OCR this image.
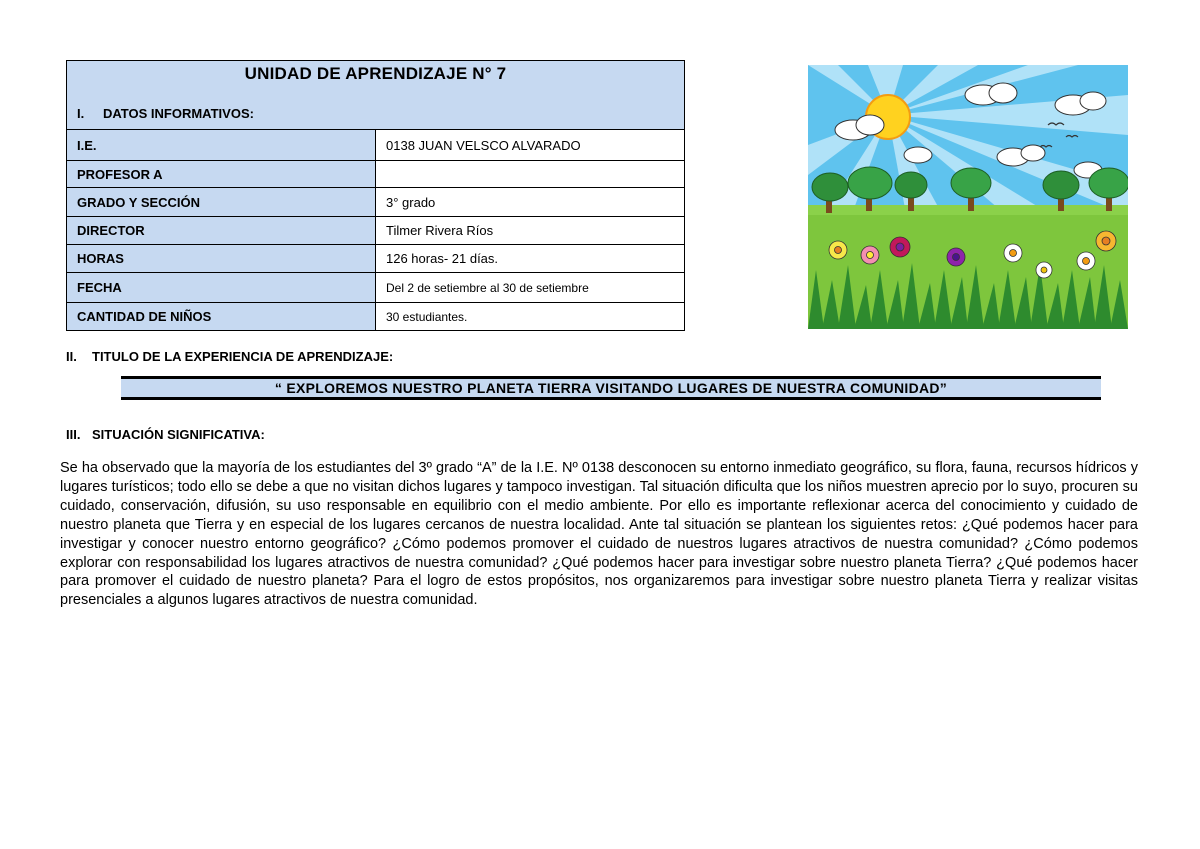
UNIDAD DE APRENDIZAJE N° 7
I. DATOS INFORMATIVOS:	

I.E.	0138 JUAN VELSCO ALVARADO
PROFESOR A	
GRADO Y SECCIÓN	3° grado
DIRECTOR	Tilmer Rivera Ríos
HORAS	126 horas- 21 días.
FECHA	Del 2 de setiembre al 30 de setiembre
CANTIDAD DE NIÑOS	30 estudiantes.
II. TITULO DE LA EXPERIENCIA DE APRENDIZAJE:
“ EXPLOREMOS NUESTRO PLANETA TIERRA VISITANDO LUGARES DE NUESTRA COMUNIDAD”
III. SITUACIÓN SIGNIFICATIVA:

Se ha observado que la mayoría de los estudiantes del 3º grado “A” de la I.E. Nº 0138 desconocen su entorno inmediato geográfico, su flora, fauna, recursos hídricos y lugares turísticos; todo ello se debe a que no visitan dichos lugares y tampoco investigan. Tal situación dificulta que los niños muestren aprecio por lo suyo, procuren su cuidado, conservación, difusión, su uso responsable en equilibrio con el medio ambiente. Por ello es importante reflexionar acerca del conocimiento y cuidado de nuestro planeta que Tierra y en especial de los lugares cercanos de nuestra localidad. Ante tal situación se plantean los siguientes retos: ¿Qué podemos hacer para investigar y conocer nuestro entorno geográfico? ¿Cómo podemos promover el cuidado de nuestros lugares atractivos de nuestra comunidad? ¿Cómo podemos explorar con responsabilidad los lugares atractivos de nuestra comunidad? ¿Qué podemos hacer para investigar sobre nuestro planeta Tierra? ¿Qué podemos hacer para promover el cuidado de nuestro planeta? Para el logro de estos propósitos, nos organizaremos para investigar sobre nuestro planeta Tierra y realizar visitas presenciales a algunos lugares atractivos de nuestra comunidad.
